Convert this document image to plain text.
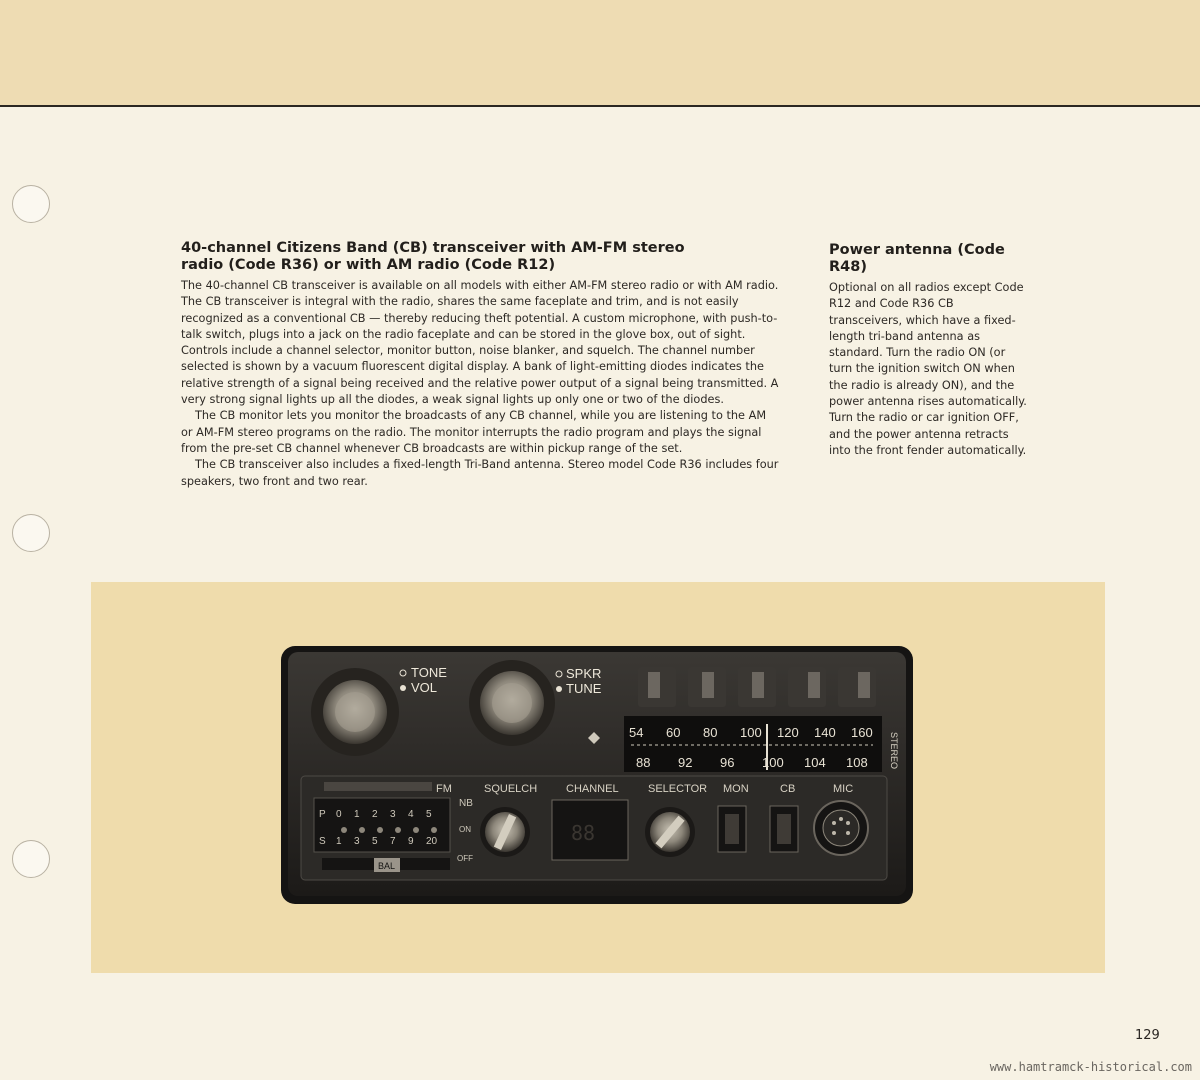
40-channel Citizens Band (CB) transceiver with AM-FM stereo
radio (Code R36) or with AM radio (Code R12)

The 40-channel CB transceiver is available on all models with either AM-FM stereo radio or with AM radio. The CB transceiver is integral with the radio, shares the same faceplate and trim, and is not easily recognized as a conventional CB — thereby reducing theft potential. A custom microphone, with push-to-talk switch, plugs into a jack on the radio faceplate and can be stored in the glove box, out of sight. Controls include a channel selector, monitor button, noise blanker, and squelch. The channel number selected is shown by a vacuum fluorescent digital display. A bank of light-emitting diodes indicates the relative strength of a signal being received and the relative power output of a signal being transmitted. A very strong signal lights up all the diodes, a weak signal lights up only one or two of the diodes.

The CB monitor lets you monitor the broadcasts of any CB channel, while you are listening to the AM or AM-FM stereo programs on the radio. The monitor interrupts the radio program and plays the signal from the pre-set CB channel whenever CB broadcasts are within pickup range of the set.

The CB transceiver also includes a fixed-length Tri-Band antenna. Stereo model Code R36 includes four speakers, two front and two rear.

Power antenna (Code R48)

Optional on all radios except Code R12 and Code R36 CB transceivers, which have a fixed-length tri-band antenna as standard. Turn the radio ON (or turn the ignition switch ON when the radio is already ON), and the power antenna rises automatically. Turn the radio or car ignition OFF, and the power antenna retracts into the front fender automatically.

TONE
VOL
SPKR
TUNE
54 60 80 100 120 140 160
88 92 96 100 104 108 STEREO
FM
P
S
0 1 2 3 4 5
1 3 5 7 9 20
BAL
NB
ON
OFF
SQUELCH	CHANNEL
88
SELECTOR MON	CB	MIC
129
www.hamtramck-historical.com
